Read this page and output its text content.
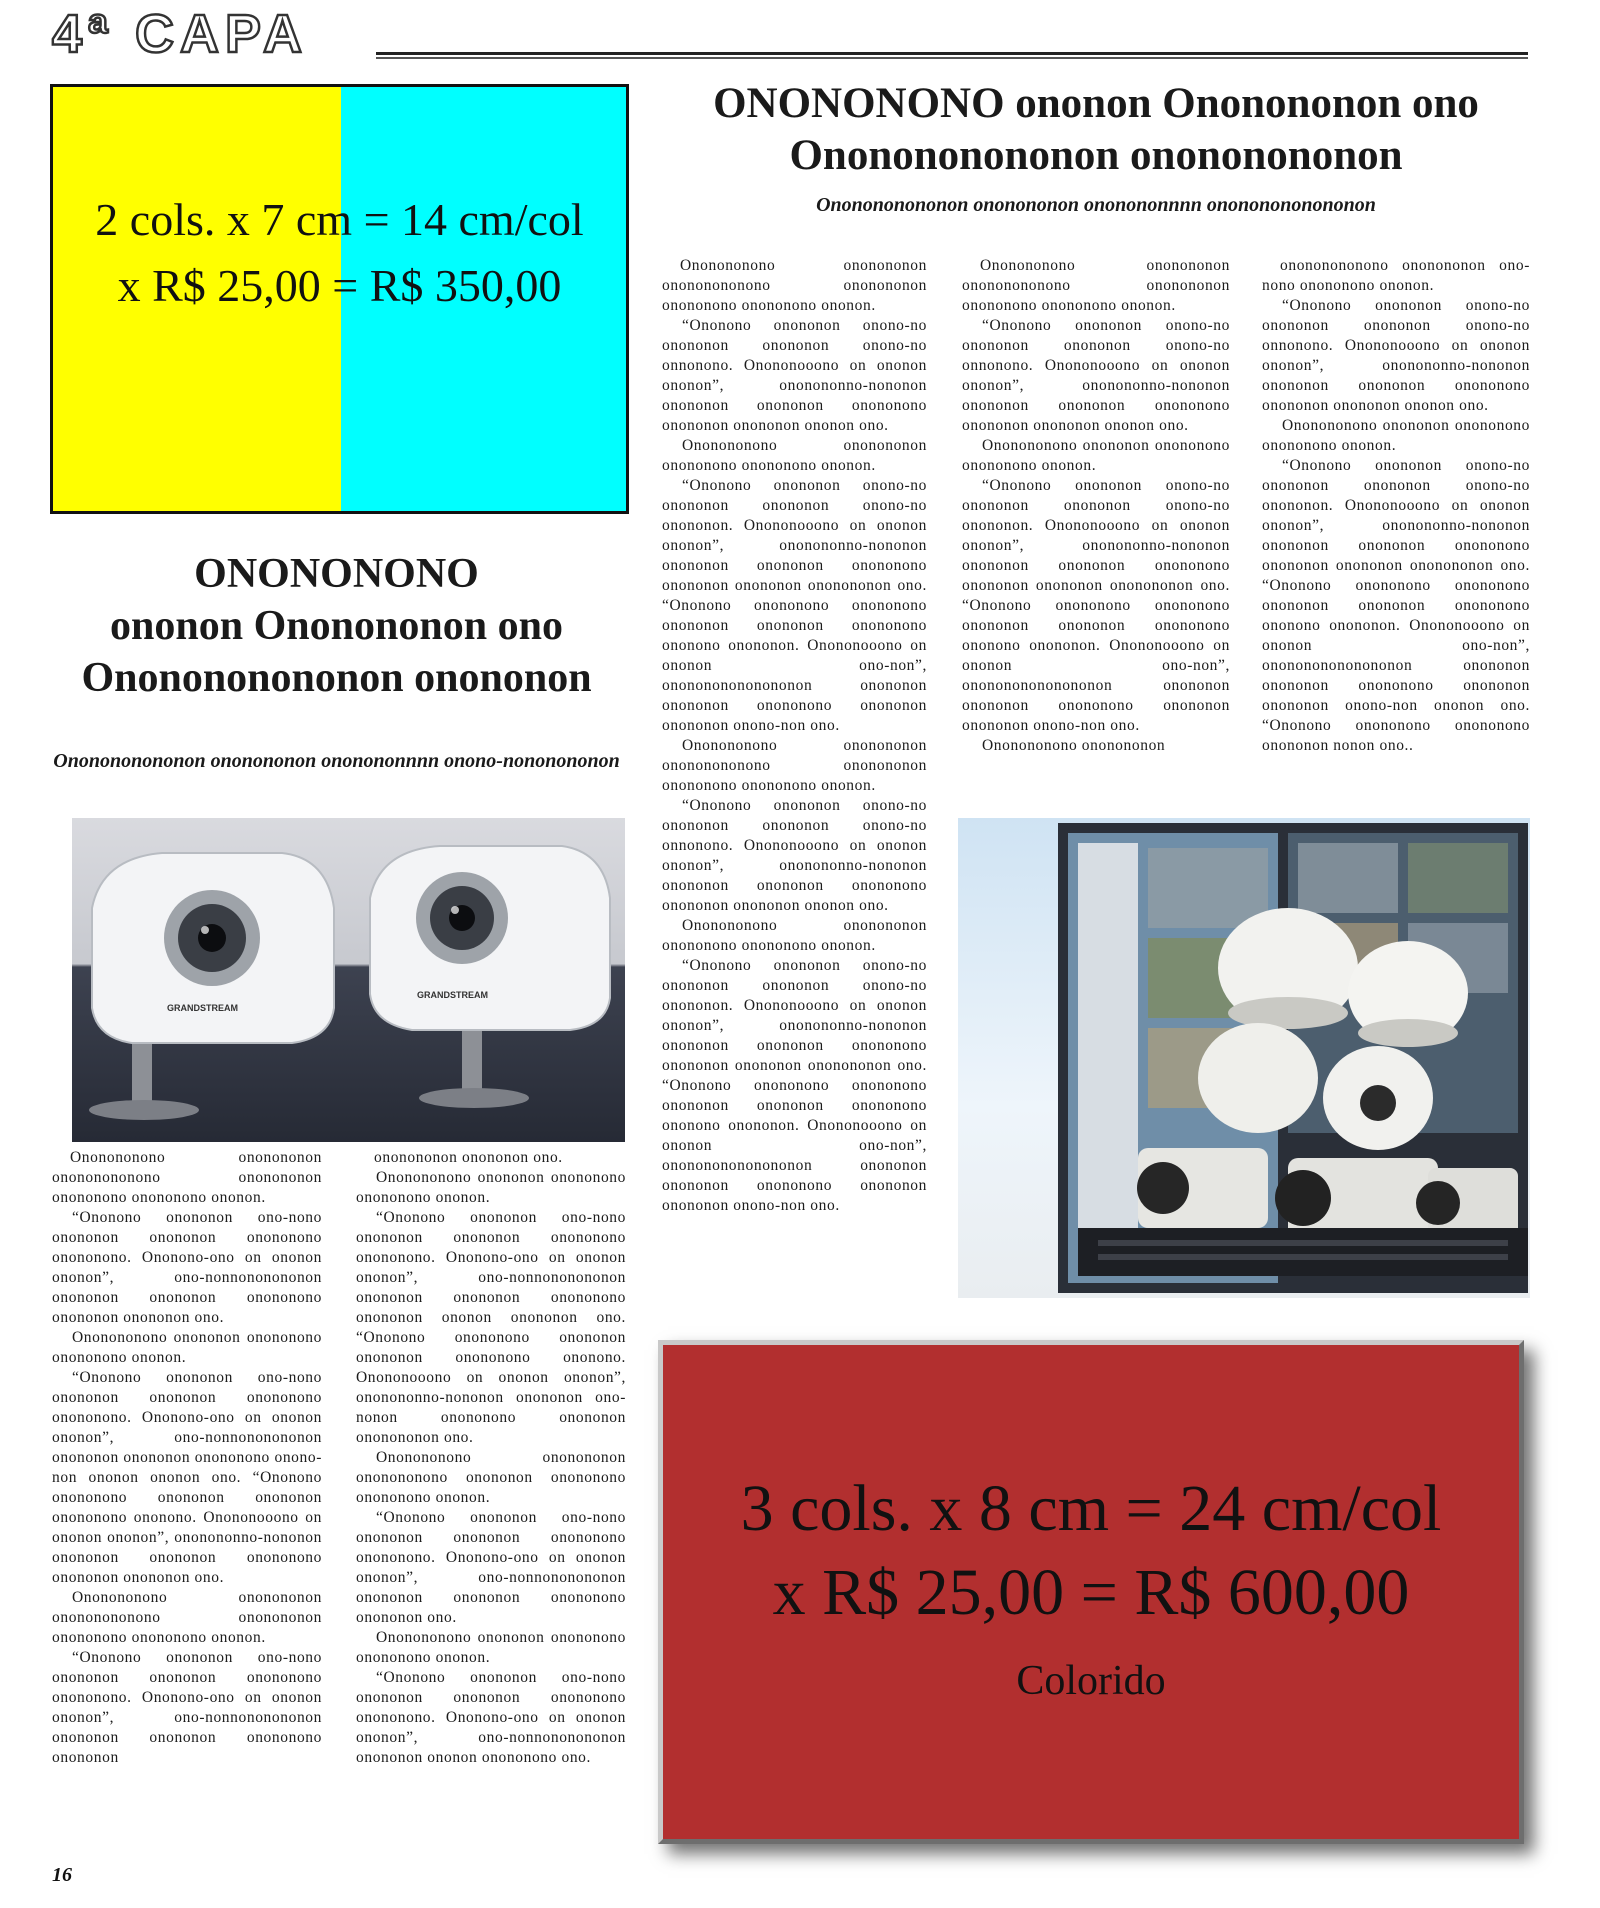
4ª CAPA
2 cols. x 7 cm = 14 cm/col
x R$ 25,00 = R$ 350,00
ONONONONO ononon Ononononon ono
Ononononononon onononononon
Ononononononon ononononon ononononnnn onononononononon
ONONONONO
ononon Ononononon ono
Ononononononon onononon
Ononononononon ononononon ononononnnn onono-nononononon

Ononononono ononononon onononononono ononononon onononono onononono ononon.

“Ononono onononon onono-no onononon onononon onono-no onnonono. Onononooono on ononon ononon”, ononononno-nononon onononon onononon onononono onononon onononon ononon ono.

Ononononono ononononon onononono onononono ononon.

“Ononono onononon onono-no onononon onononon onono-no onononon. Onononooono on ononon ononon”, ononononno-nononon onononon onononon onononono onononon onononon ononononon ono. “Ononono onononono onononono onononon onononon onononono ononono onononon. Onononooono on ononon ono-non”, ononononononononon onononon onononon onononono onononon onononon onono-non ono.

Ononononono ononononon onononononono ononononon onononono onononono ononon.

“Ononono onononon onono-no onononon onononon onono-no onnonono. Onononooono on ononon ononon”, ononononno-nononon onononon onononon onononono onononon onononon ononon ono.

Ononononono ononononon onononono onononono ononon.

“Ononono onononon onono-no onononon onononon onono-no onononon. Onononooono on ononon ononon”, ononononno-nononon onononon onononon onononono onononon onononon ononononon ono. “Ononono onononono onononono onononon onononon onononono ononono onononon. Onononooono on ononon ono-non”, ononononononononon onononon onononon onononono onononon onononon onono-non ono.

Ononononono ononononon onononononono ononononon onononono onononono ononon.

“Ononono onononon onono-no onononon onononon onono-no onnonono. Onononooono on ononon ononon”, ononononno-nononon onononon onononon onononono onononon onononon ononon ono.

Ononononono onononon onononono onononono ononon.

“Ononono onononon onono-no onononon onononon onono-no onononon. Onononooono on ononon ononon”, ononononno-nononon onononon onononon onononono onononon onononon ononononon ono. “Ononono onononono onononono onononon onononon onononono ononono onononon. Onononooono on ononon ono-non”, ononononononononon onononon onononon onononono onononon onononon onono-non ono.

Ononononono ononononon

onononononono ononononon ono-nono onononono ononon.

“Ononono onononon onono-no onononon onononon onono-no onnonono. Onononooono on ononon ononon”, ononononno-nononon onononon onononon onononono onononon onononon ononon ono.

Ononononono onononon onononono onononono ononon.

“Ononono onononon onono-no onononon onononon onono-no onononon. Onononooono on ononon ononon”, ononononno-nononon onononon onononon onononono onononon onononon ononononon ono. “Ononono onononono onononono onononon onononon onononono ononono onononon. Onononooono on ononon ono-non”, ononononononononon onononon onononon onononono onononon onononon onono-non ononon ono. “Ononono onononono onononono onononon nonon ono..

GRANDSTREAM
GRANDSTREAM

Ononononono ononononon onononononono ononononon onononono onononono ononon.

“Ononono onononon ono-nono onononon onononon onononono onononono. Ononono-ono on ononon ononon”, ono-nonnononononon onononon onononon onononono onononon onononon ono.

Ononononono onononon onononono onononono ononon.

“Ononono onononon ono-nono onononon onononon onononono onononono. Ononono-ono on ononon ononon”, ono-nonnononononon onononon onononon onononono onono-non ononon ononon ono. “Ononono onononono onononon onononon onononono ononono. Onononooono on ononon ononon”, ononononno-nononon onononon onononon onononono onononon onononon ono.

Ononononono ononononon onononononono ononononon onononono onononono ononon.

“Ononono onononon ono-nono onononon onononon onononono onononono. Ononono-ono on ononon ononon”, ono-nonnononononon onononon onononon onononono onononon

ononononon onononon ono.

Ononononono onononon onononono onononono ononon.

“Ononono onononon ono-nono onononon onononon onononono onononono. Ononono-ono on ononon ononon”, ono-nonnononononon onononon onononon onononono onononon ononon onononon ono. “Ononono onononono onononon onononon onononono ononono. Onononooono on ononon ononon”, ononononno-nononon onononon ono-nonon onononono onononon ononononon ono.

Ononononono ononononon ononononono onononon onononono onononono ononon.

“Ononono onononon ono-nono onononon onononon onononono onononono. Ononono-ono on ononon ononon”, ono-nonnononononon onononon onononon onononono onononon ono.

Ononononono onononon onononono onononono ononon.

“Ononono onononon ono-nono onononon onononon onononono onononono. Ononono-ono on ononon ononon”, ono-nonnononononon onononon ononon onononono ono.

3 cols. x 8 cm = 24 cm/col
x R$ 25,00 = R$ 600,00
Colorido
16
